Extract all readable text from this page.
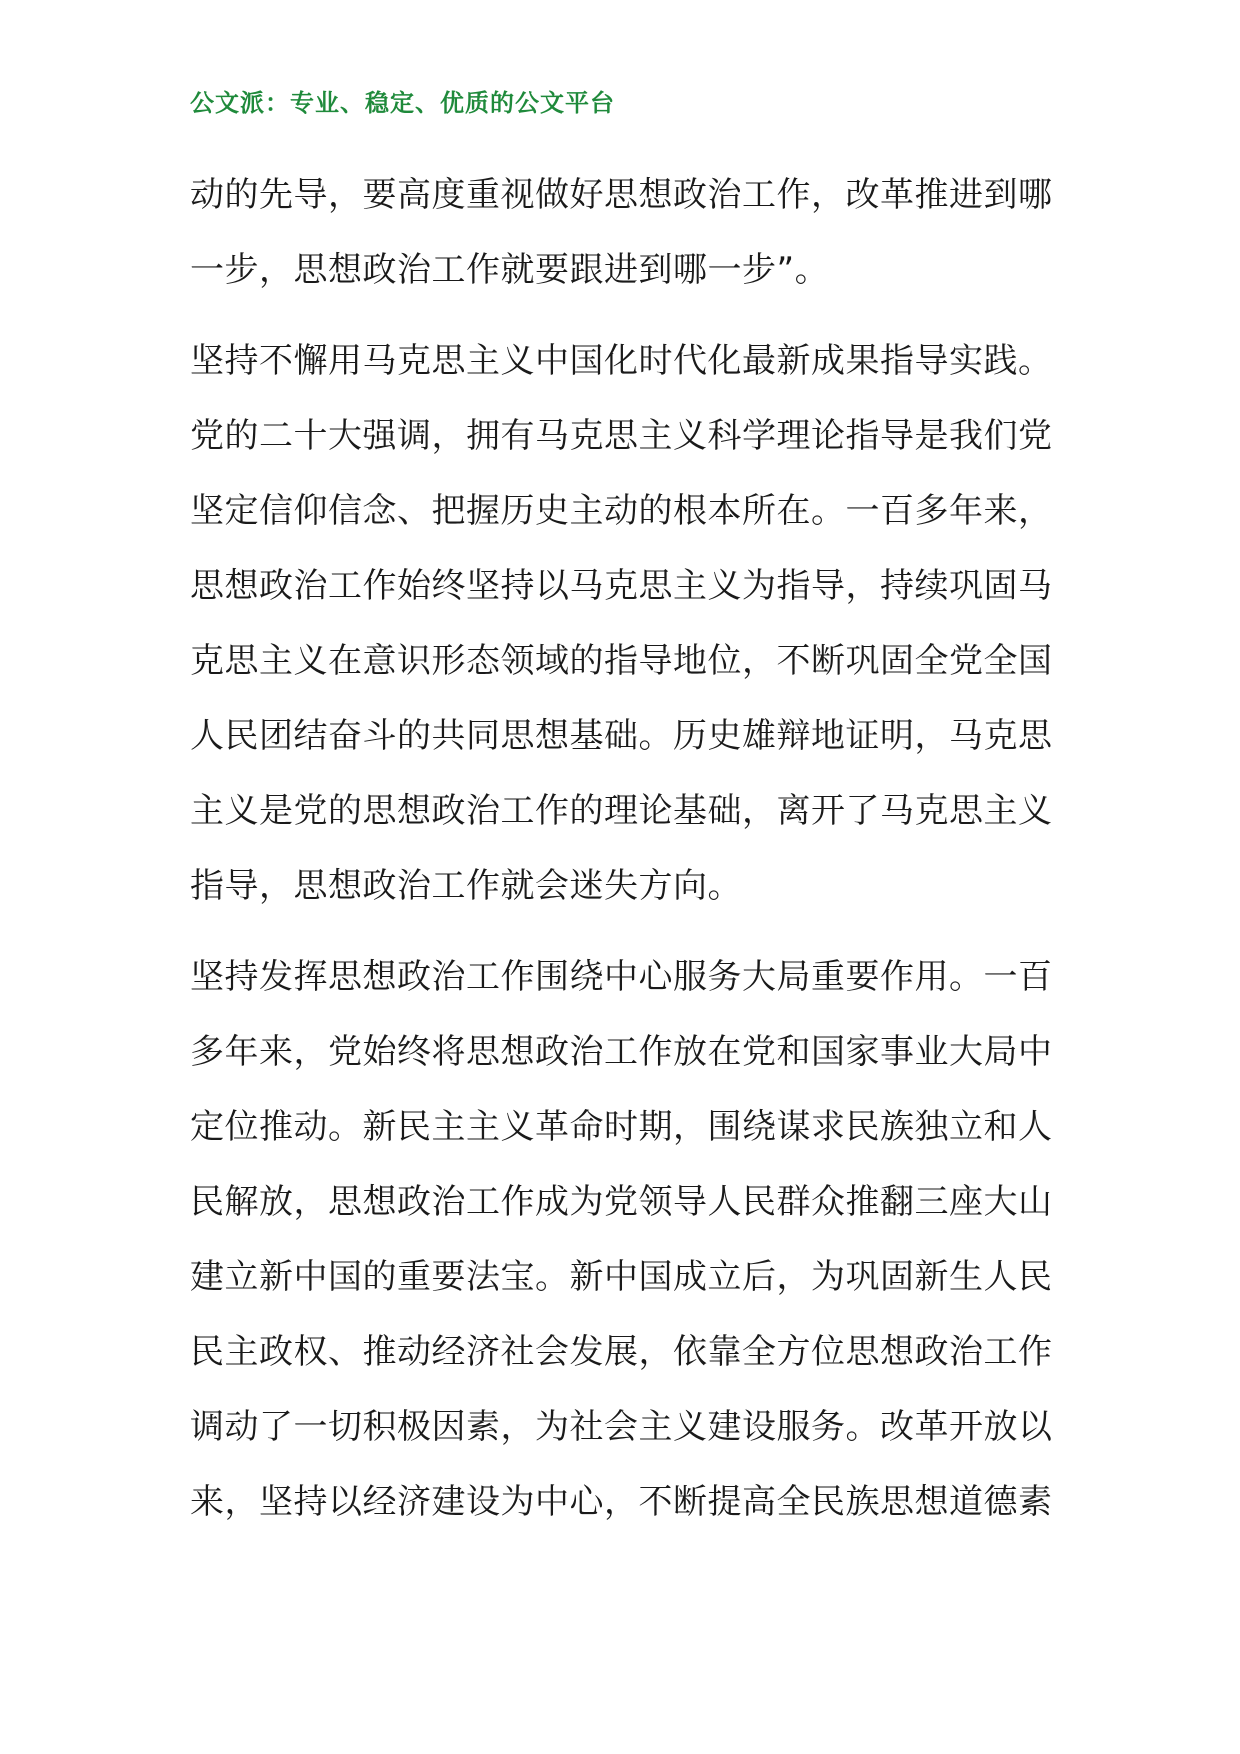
公文派：专业、稳定、优质的公文平台
动的先导，要高度重视做好思想政治工作，改革推进到哪
一步，思想政治工作就要跟进到哪一步”。
坚持不懈用马克思主义中国化时代化最新成果指导实践。
党的二十大强调，拥有马克思主义科学理论指导是我们党
坚定信仰信念、把握历史主动的根本所在。一百多年来，
思想政治工作始终坚持以马克思主义为指导，持续巩固马
克思主义在意识形态领域的指导地位，不断巩固全党全国
人民团结奋斗的共同思想基础。历史雄辩地证明，马克思
主义是党的思想政治工作的理论基础，离开了马克思主义
指导，思想政治工作就会迷失方向。
坚持发挥思想政治工作围绕中心服务大局重要作用。一百
多年来，党始终将思想政治工作放在党和国家事业大局中
定位推动。新民主主义革命时期，围绕谋求民族独立和人
民解放，思想政治工作成为党领导人民群众推翻三座大山
建立新中国的重要法宝。新中国成立后，为巩固新生人民
民主政权、推动经济社会发展，依靠全方位思想政治工作
调动了一切积极因素，为社会主义建设服务。改革开放以
来，坚持以经济建设为中心，不断提高全民族思想道德素
